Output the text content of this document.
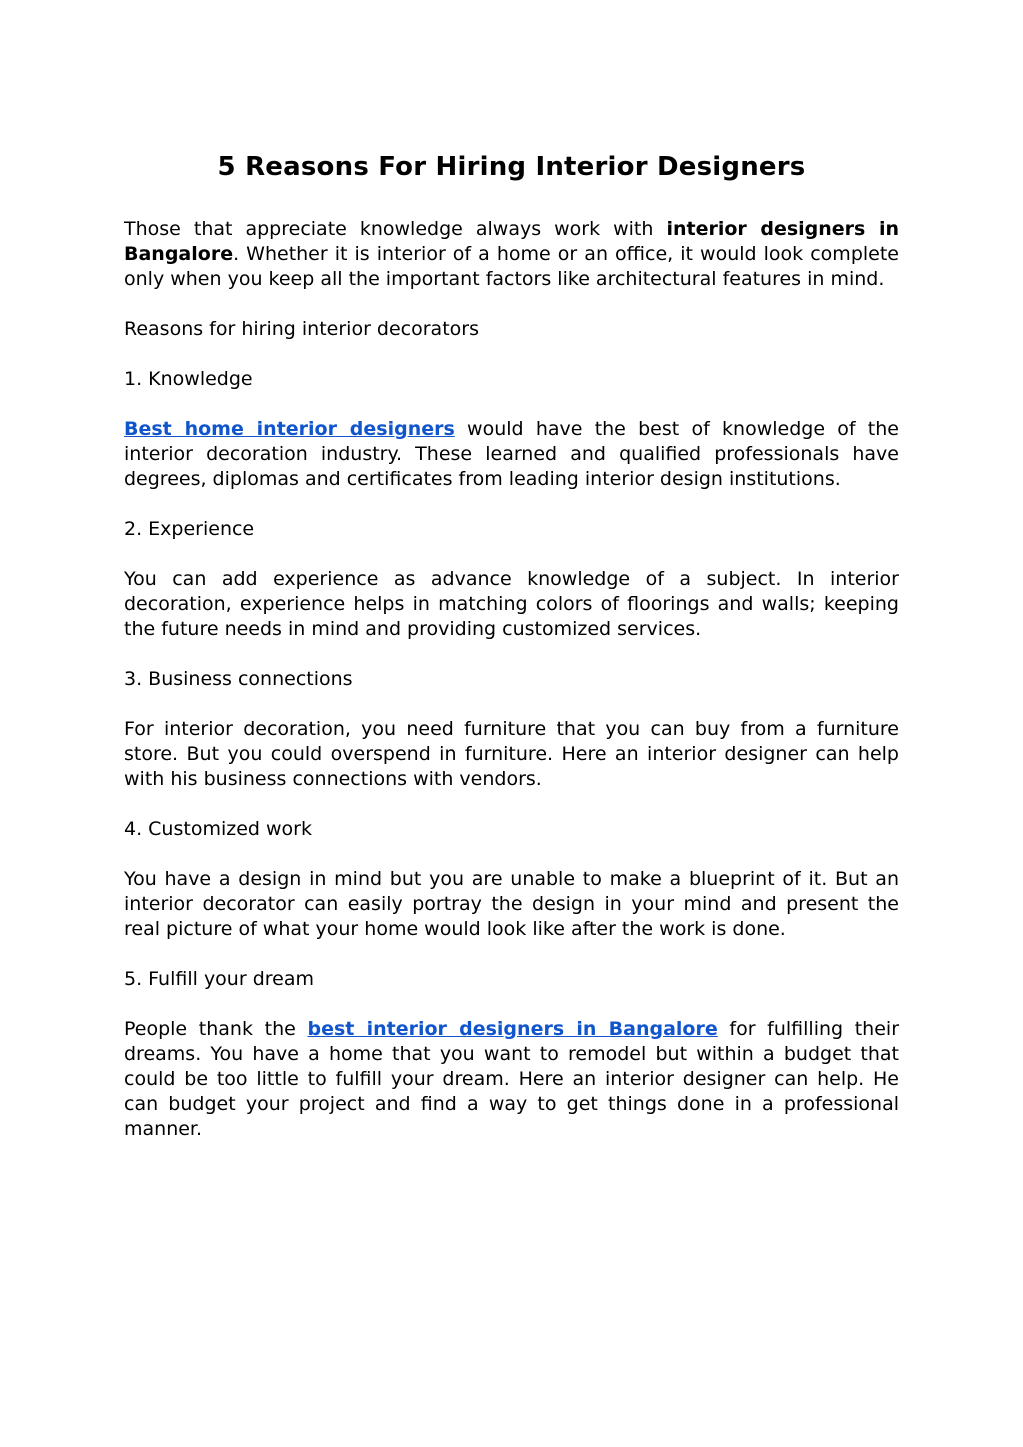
5 Reasons For Hiring Interior Designers

Those that appreciate knowledge always work with interior designers in Bangalore. Whether it is interior of a home or an office, it would look complete only when you keep all the important factors like architectural features in mind.

Reasons for hiring interior decorators

1. Knowledge

Best home interior designers would have the best of knowledge of the interior decoration industry. These learned and qualified professionals have degrees, diplomas and certificates from leading interior design institutions.

2. Experience

You can add experience as advance knowledge of a subject. In interior decoration, experience helps in matching colors of floorings and walls; keeping the future needs in mind and providing customized services.

3. Business connections

For interior decoration, you need furniture that you can buy from a furniture store. But you could overspend in furniture. Here an interior designer can help with his business connections with vendors.

4. Customized work

You have a design in mind but you are unable to make a blueprint of it. But an interior decorator can easily portray the design in your mind and present the real picture of what your home would look like after the work is done.

5. Fulfill your dream

People thank the best interior designers in Bangalore for fulfilling their dreams. You have a home that you want to remodel but within a budget that could be too little to fulfill your dream. Here an interior designer can help. He can budget your project and find a way to get things done in a professional manner.
